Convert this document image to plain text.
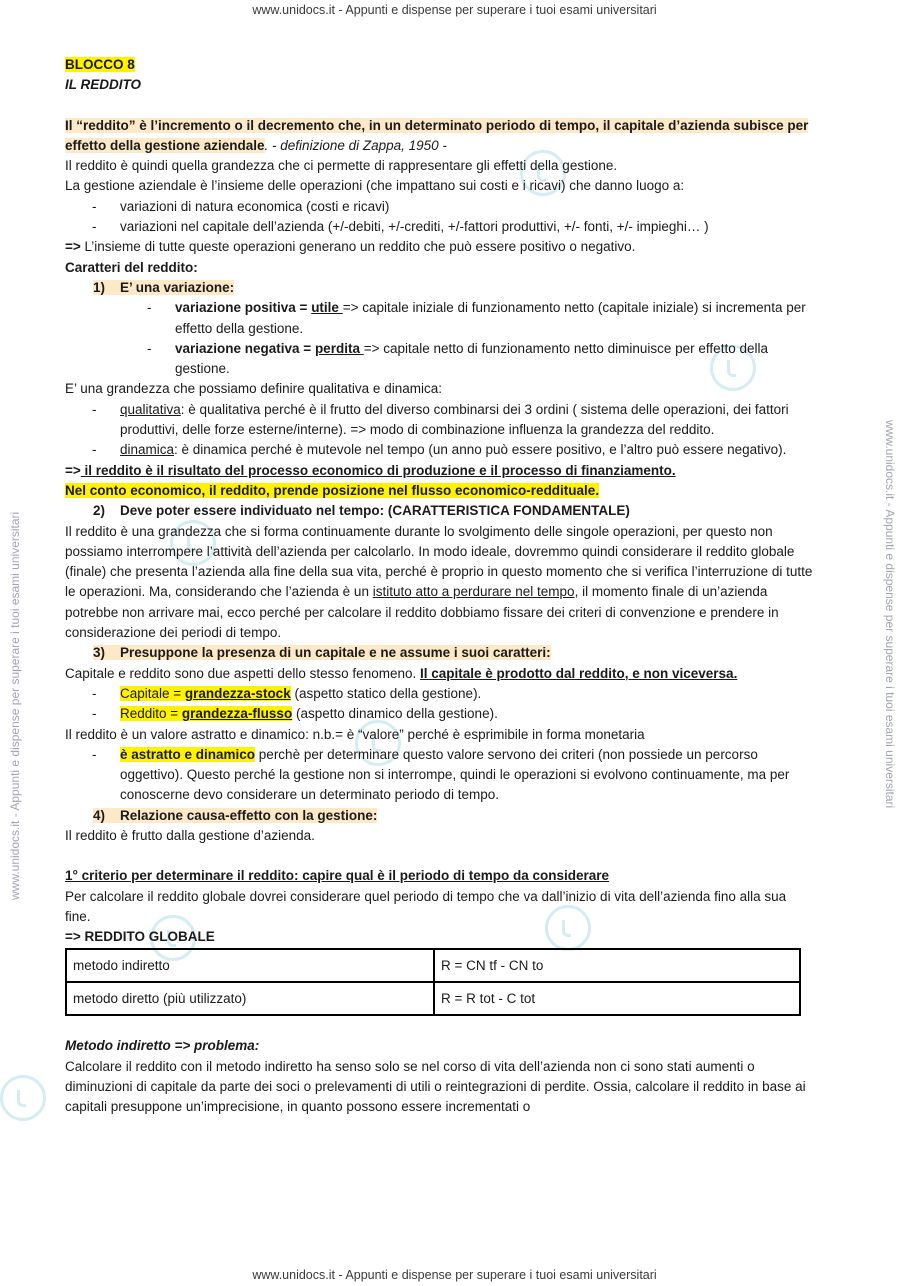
www.unidocs.it - Appunti e dispense per superare i tuoi esami universitari
www.unidocs.it - Appunti e dispense per superare i tuoi esami universitari	www.unidocs.it - Appunti e dispense per superare i tuoi esami universitari

BLOCCO 8

IL REDDITO

Il “reddito” è l’incremento o il decremento che, in un determinato periodo di tempo, il capitale d’azienda subisce per effetto della gestione aziendale. - definizione di Zappa, 1950 -

Il reddito è quindi quella grandezza che ci permette di rappresentare gli effetti della gestione.

La gestione aziendale è l’insieme delle operazioni (che impattano sui costi e i ricavi) che danno luogo a:

- variazioni di natura economica (costi e ricavi)

- variazioni nel capitale dell’azienda (+/-debiti, +/-crediti, +/-fattori produttivi, +/- fonti, +/- impieghi… )

=> L’insieme di tutte queste operazioni generano un reddito che può essere positivo o negativo.

Caratteri del reddito:

1) E’ una variazione:

- variazione positiva = utile => capitale iniziale di funzionamento netto (capitale iniziale) si incrementa per effetto della gestione.

- variazione negativa = perdita => capitale netto di funzionamento netto diminuisce per effetto della gestione.

E’ una grandezza che possiamo definire qualitativa e dinamica:

- qualitativa: è qualitativa perché è il frutto del diverso combinarsi dei 3 ordini ( sistema delle operazioni, dei fattori produttivi, delle forze esterne/interne). => modo di combinazione influenza la grandezza del reddito.

- dinamica: è dinamica perché è mutevole nel tempo (un anno può essere positivo, e l’altro può essere negativo).

=> il reddito è il risultato del processo economico di produzione e il processo di finanziamento.

Nel conto economico, il reddito, prende posizione nel flusso economico-reddituale.

2) Deve poter essere individuato nel tempo: (CARATTERISTICA FONDAMENTALE)

Il reddito è una grandezza che si forma continuamente durante lo svolgimento delle singole operazioni, per questo non possiamo interrompere l’attività dell’azienda per calcolarlo. In modo ideale, dovremmo quindi considerare il reddito globale (finale) che presenta l’azienda alla fine della sua vita, perché è proprio in questo momento che si verifica l’interruzione di tutte le operazioni. Ma, considerando che l’azienda è un istituto atto a perdurare nel tempo, il momento finale di un’azienda potrebbe non arrivare mai, ecco perché per calcolare il reddito dobbiamo fissare dei criteri di convenzione e prendere in considerazione dei periodi di tempo.

3) Presuppone la presenza di un capitale e ne assume i suoi caratteri:

Capitale e reddito sono due aspetti dello stesso fenomeno. Il capitale è prodotto dal reddito, e non viceversa.

- Capitale = grandezza-stock (aspetto statico della gestione).

- Reddito = grandezza-flusso (aspetto dinamico della gestione).

Il reddito è un valore astratto e dinamico: n.b.= è “valore” perché è esprimibile in forma monetaria

- è astratto e dinamico perchè per determinare questo valore servono dei criteri (non possiede un percorso oggettivo). Questo perché la gestione non si interrompe, quindi le operazioni si evolvono continuamente, ma per conoscerne devo considerare un determinato periodo di tempo.

4) Relazione causa-effetto con la gestione:

Il reddito è frutto dalla gestione d’azienda.

1° criterio per determinare il reddito: capire qual è il periodo di tempo da considerare

Per calcolare il reddito globale dovrei considerare quel periodo di tempo che va dall’inizio di vita dell’azienda fino alla sua fine.

=> REDDITO GLOBALE

metodo indiretto	R = CN tf - CN to
metodo diretto (più utilizzato)	R = R tot - C tot

Metodo indiretto => problema:

Calcolare il reddito con il metodo indiretto ha senso solo se nel corso di vita dell’azienda non ci sono stati aumenti o diminuzioni di capitale da parte dei soci o prelevamenti di utili o reintegrazioni di perdite. Ossia, calcolare il reddito in base ai capitali presuppone un’imprecisione, in quanto possono essere incrementati o

www.unidocs.it - Appunti e dispense per superare i tuoi esami universitari
